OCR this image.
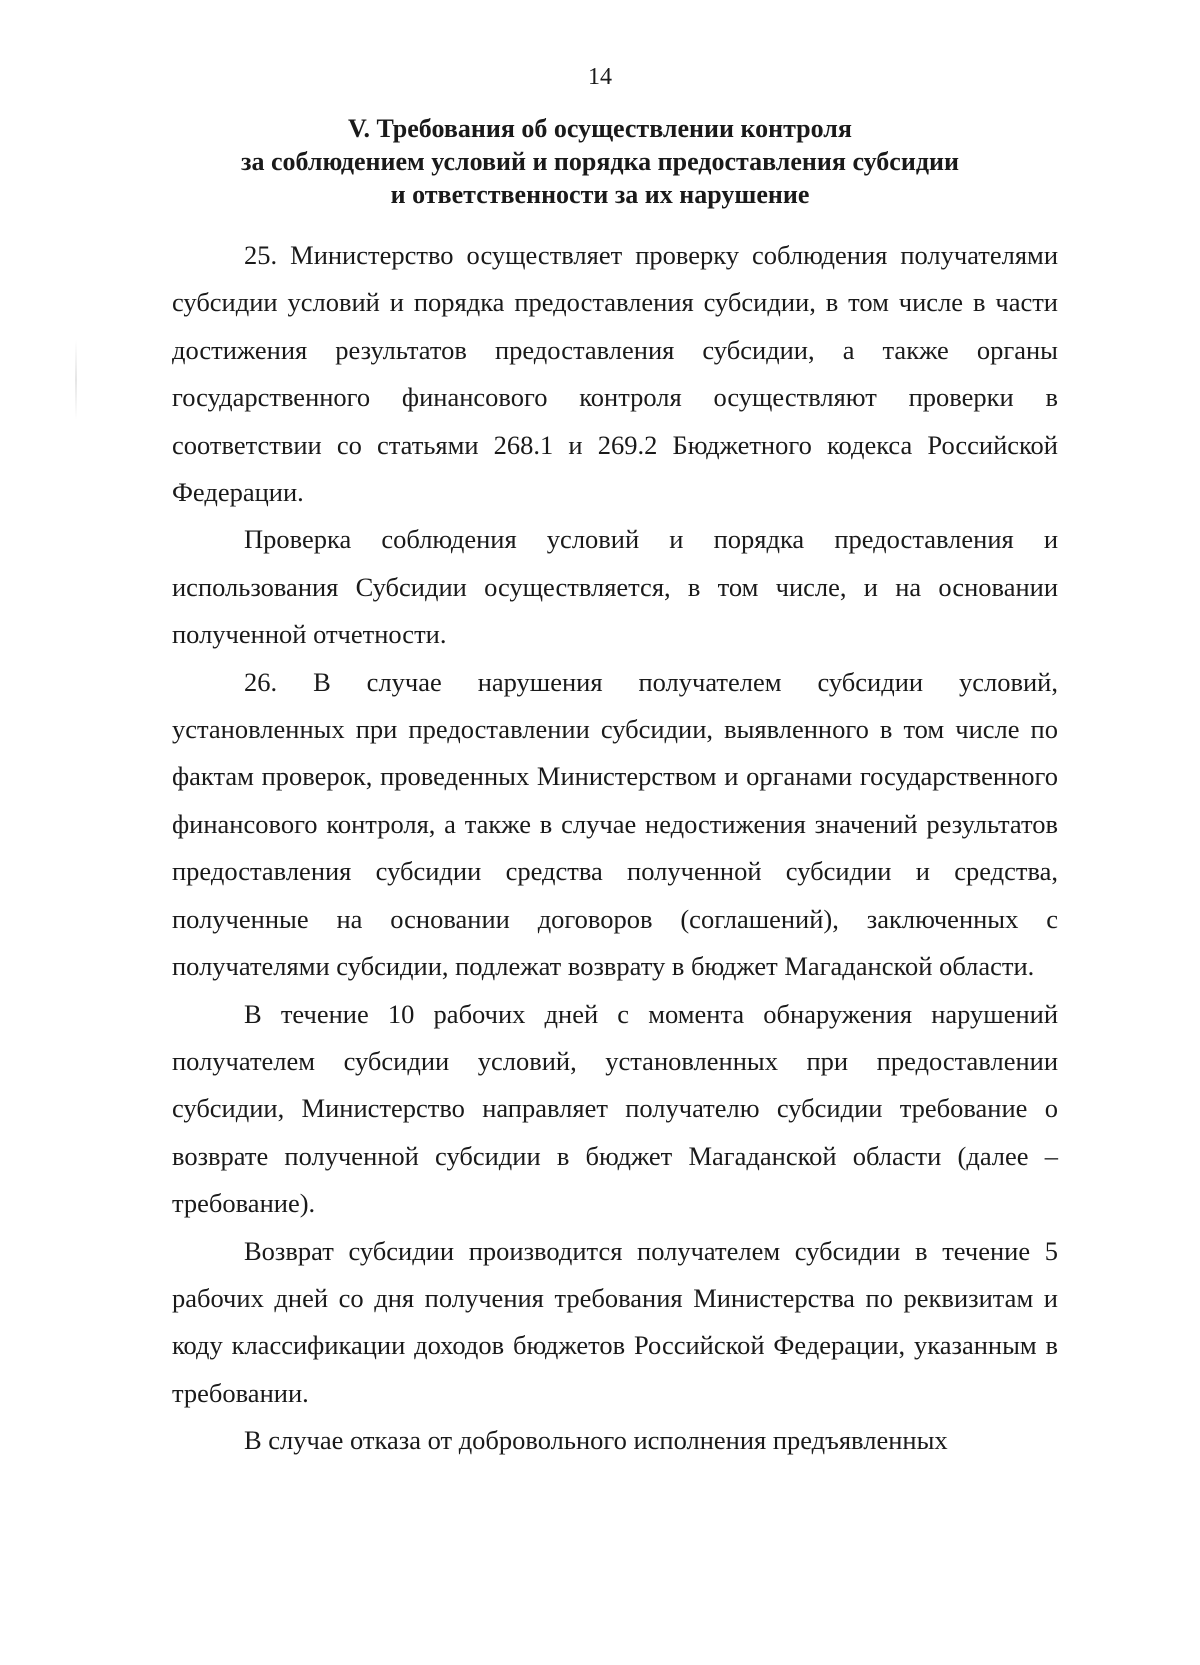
14
V. Требования об осуществлении контроля
за соблюдением условий и порядка предоставления субсидии
и ответственности за их нарушение

25. Министерство осуществляет проверку соблюдения получателями субсидии условий и порядка предоставления субсидии, в том числе в части достижения результатов предоставления субсидии, а также органы государственного финансового контроля осуществляют проверки в соответствии со статьями 268.1 и 269.2 Бюджетного кодекса Российской Федерации.

Проверка соблюдения условий и порядка предоставления и использования Субсидии осуществляется, в том числе, и на основании полученной отчетности.

26. В случае нарушения получателем субсидии условий, установленных при предоставлении субсидии, выявленного в том числе по фактам проверок, проведенных Министерством и органами государственного финансового контроля, а также в случае недостижения значений результатов предоставления субсидии средства полученной субсидии и средства, полученные на основании договоров (соглашений), заключенных с получателями субсидии, подлежат возврату в бюджет Магаданской области.

В течение 10 рабочих дней с момента обнаружения нарушений получателем субсидии условий, установленных при предоставлении субсидии, Министерство направляет получателю субсидии требование о возврате полученной субсидии в бюджет Магаданской области (далее – требование).

Возврат субсидии производится получателем субсидии в течение 5 рабочих дней со дня получения требования Министерства по реквизитам и коду классификации доходов бюджетов Российской Федерации, указанным в требовании.

В случае отказа от добровольного исполнения предъявленных
